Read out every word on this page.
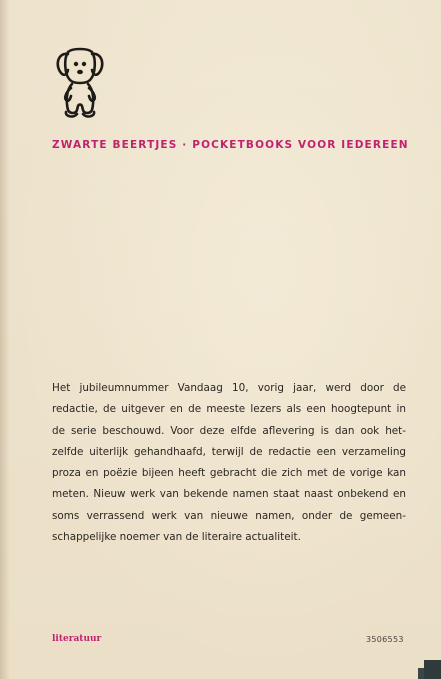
ZWARTE BEERTJES · POCKETBOOKS VOOR IEDEREEN

Het jubileumnummer Vandaag 10, vorig jaar, werd door de
redactie, de uitgever en de meeste lezers als een hoogtepunt in
de serie beschouwd. Voor deze elfde aflevering is dan ook het-
zelfde uiterlijk gehandhaafd, terwijl de redactie een verzameling
proza en poëzie bijeen heeft gebracht die zich met de vorige kan
meten. Nieuw werk van bekende namen staat naast onbekend en
soms verrassend werk van nieuwe namen, onder de gemeen-
schappelijke noemer van de literaire actualiteit.

literatuur	3506553
